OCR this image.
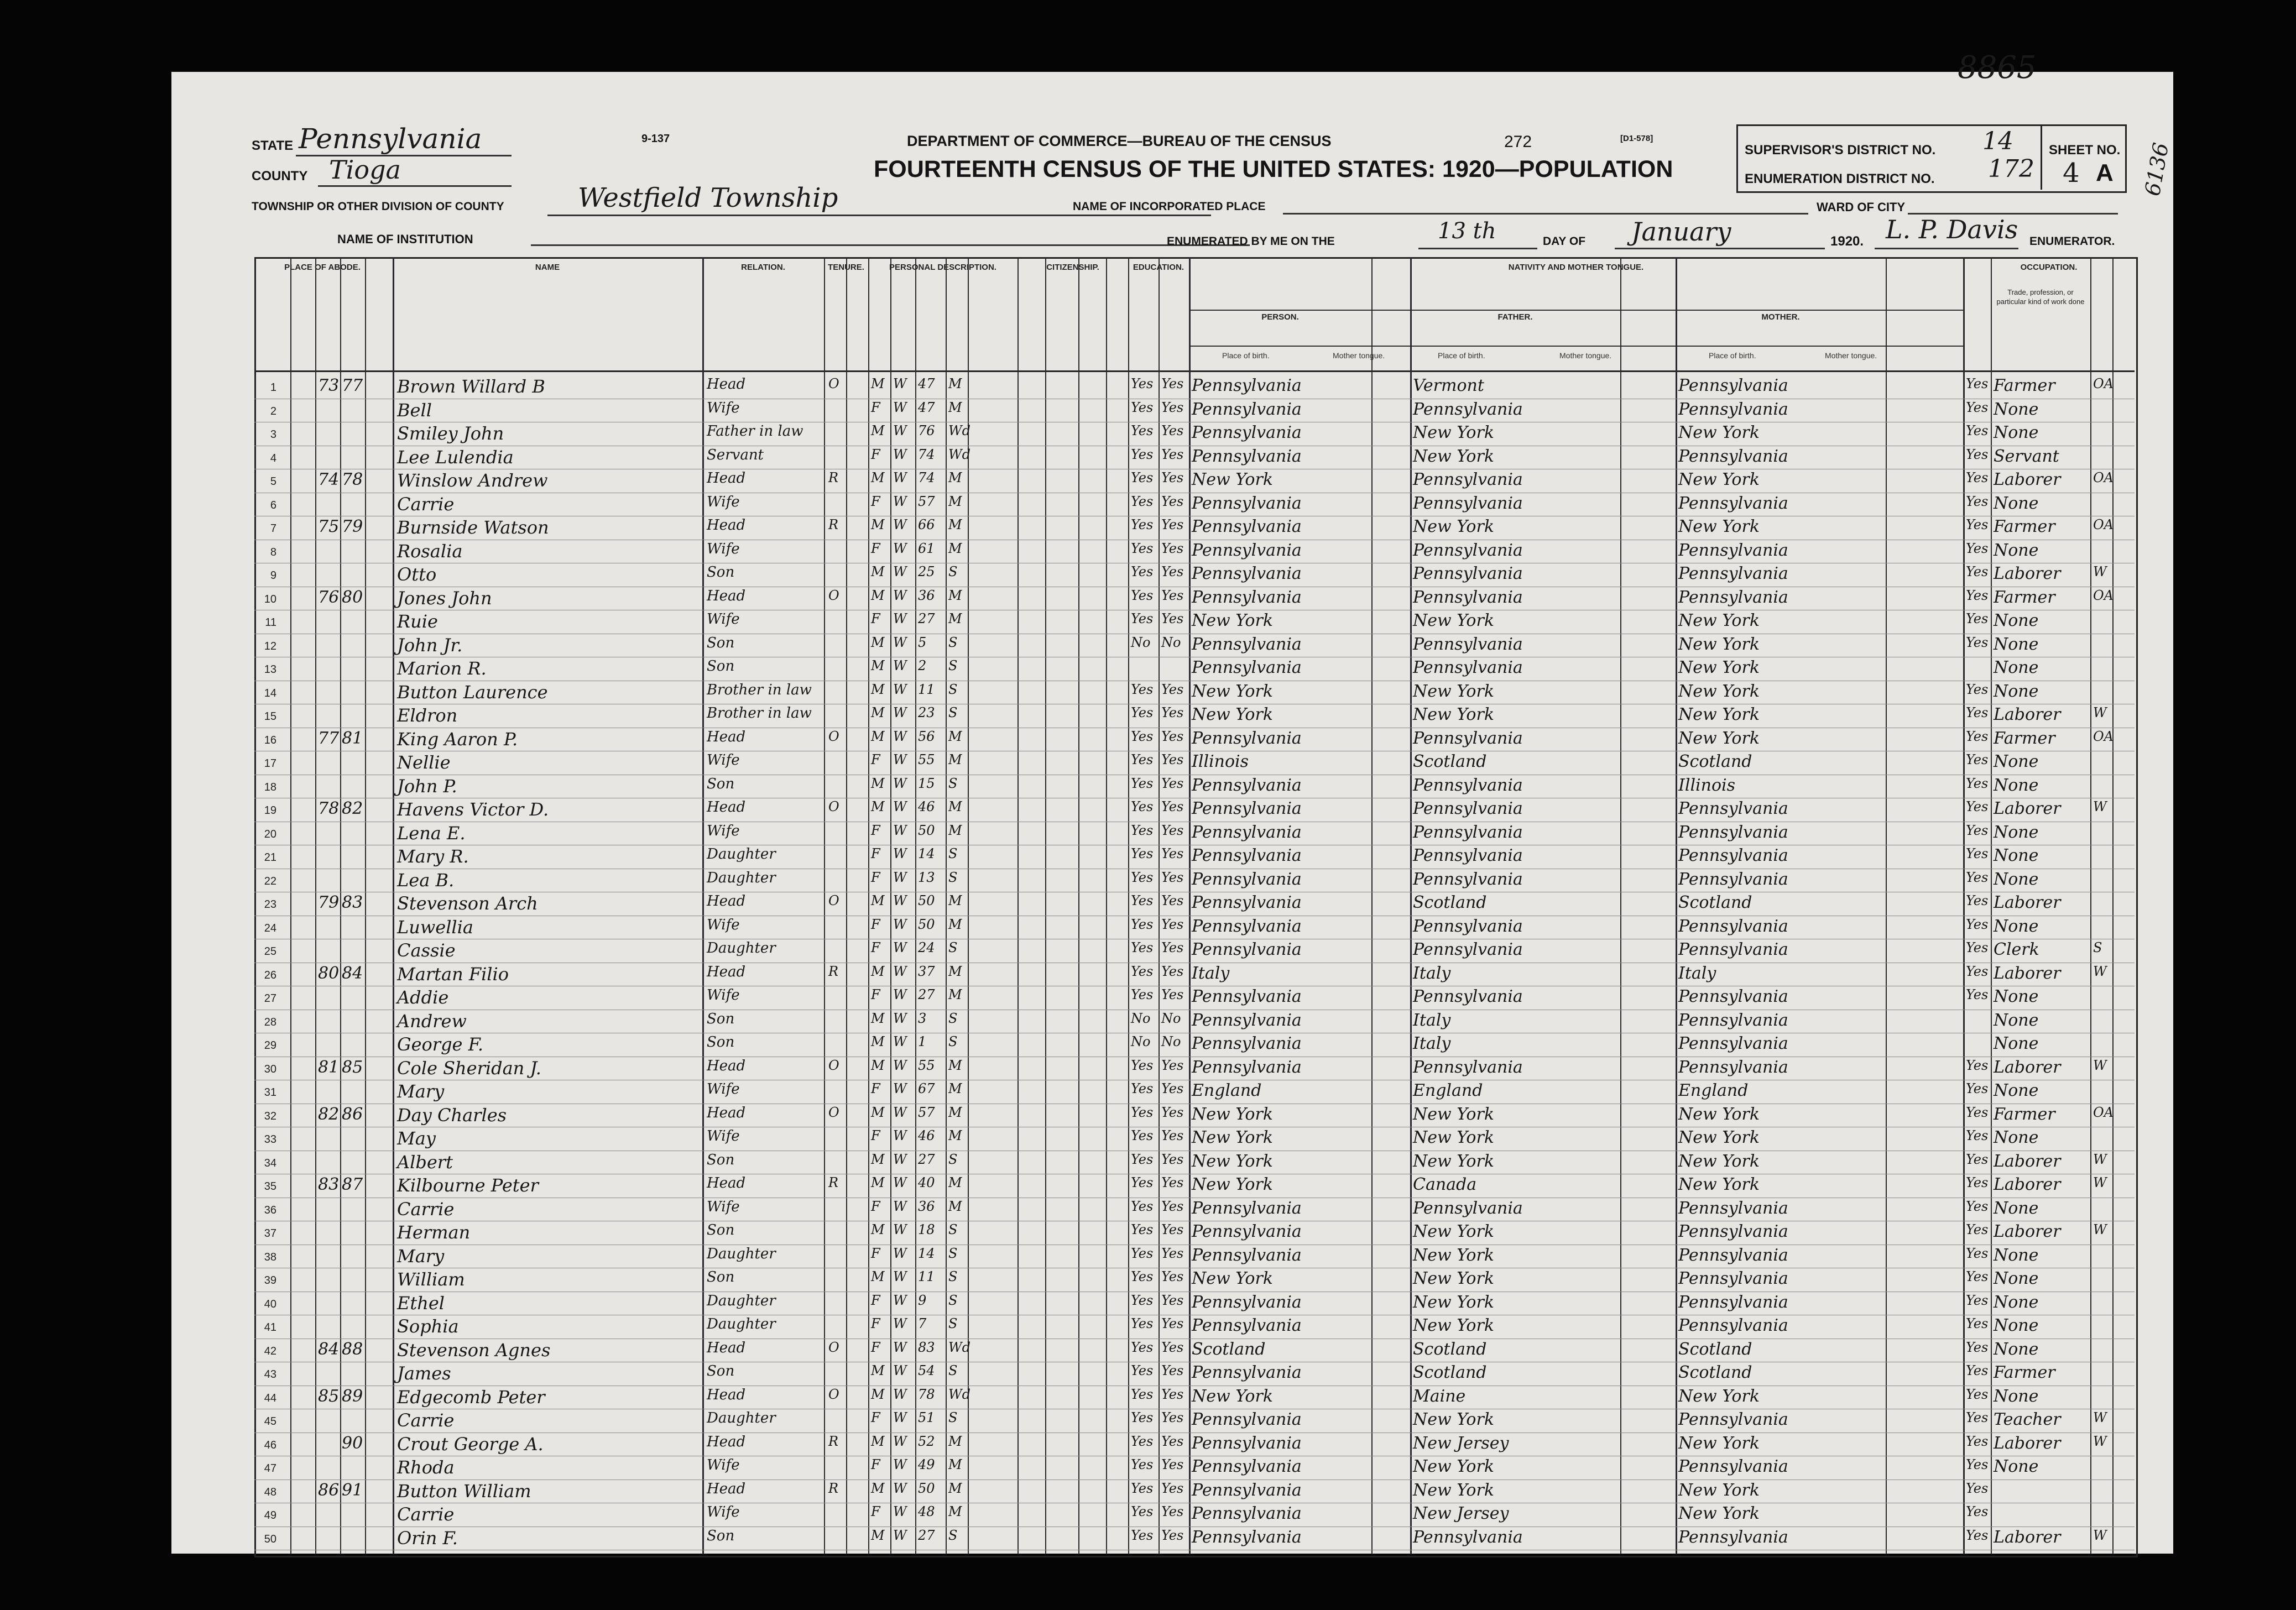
8865
6136
STATE Pennsylvania
COUNTY Tioga
9-137
TOWNSHIP OR OTHER DIVISION OF COUNTY	Westfield Township
NAME OF INSTITUTION
DEPARTMENT OF COMMERCE—BUREAU OF THE CENSUS	272	[D1-578]
FOURTEENTH CENSUS OF THE UNITED STATES: 1920—POPULATION
NAME OF INCORPORATED PLACE
ENUMERATED BY ME ON THE	13 th	DAY OF January	1920. L. P. Davis ENUMERATOR.
SUPERVISOR'S DISTRICT NO. 14
ENUMERATION DISTRICT NO. 172
SHEET NO.
4 A
WARD OF CITY
PLACE OF ABODE.	NAME	RELATION.	TENURE.	PERSONAL DESCRIPTION.	CITIZENSHIP.	EDUCATION.	NATIVITY AND MOTHER TONGUE.
PERSON.	FATHER.	MOTHER.
OCCUPATION.
Place of birth.	Mother tongue.	Place of birth.	Mother tongue.	Place of birth.	Mother tongue.
Trade, profession, or particular kind of work done
1	73 77 Brown Willard B	Head	O	M W 47	M	Yes Yes Pennsylvania	Vermont	Pennsylvania	Yes Farmer	OA
2	Bell	Wife	F W 47	M	Yes Yes Pennsylvania	Pennsylvania	Pennsylvania	Yes None
3	Smiley John	Father in law	M W 76	Wd	Yes Yes Pennsylvania	New York	New York	Yes None
4	Lee Lulendia	Servant	F W 74	Wd	Yes Yes Pennsylvania	New York	Pennsylvania	Yes Servant
5	74 78 Winslow Andrew	Head	R	M W 74	M	Yes Yes New York	Pennsylvania	New York	Yes Laborer	OA
6	Carrie	Wife	F W 57	M	Yes Yes Pennsylvania	Pennsylvania	Pennsylvania	Yes None
7	75 79 Burnside Watson	Head	R	M W 66	M	Yes Yes Pennsylvania	New York	New York	Yes Farmer	OA
8	Rosalia	Wife	F W 61	M	Yes Yes Pennsylvania	Pennsylvania	Pennsylvania	Yes None
9	Otto	Son	M W 25	S	Yes Yes Pennsylvania	Pennsylvania	Pennsylvania	Yes Laborer	W
10	76 80 Jones John	Head	O	M W 36	M	Yes Yes Pennsylvania	Pennsylvania	Pennsylvania	Yes Farmer	OA
11	Ruie	Wife	F W 27	M	Yes Yes New York	New York	New York	Yes None
12	John Jr.	Son	M W 5	S	No No Pennsylvania	Pennsylvania	New York	Yes None
13	Marion R.	Son	M W 2	S	Pennsylvania	Pennsylvania	New York	None
14	Button Laurence	Brother in law	M W 11	S	Yes Yes New York	New York	New York	Yes None
15	Eldron	Brother in law	M W 23	S	Yes Yes New York	New York	New York	Yes Laborer	W
16	77 81 King Aaron P.	Head	O	M W 56	M	Yes Yes Pennsylvania	Pennsylvania	New York	Yes Farmer	OA
17	Nellie	Wife	F W 55	M	Yes Yes Illinois	Scotland	Scotland	Yes None
18	John P.	Son	M W 15	S	Yes Yes Pennsylvania	Pennsylvania	Illinois	Yes None
19	78 82 Havens Victor D.	Head	O	M W 46	M	Yes Yes Pennsylvania	Pennsylvania	Pennsylvania	Yes Laborer	W
20	Lena E.	Wife	F W 50	M	Yes Yes Pennsylvania	Pennsylvania	Pennsylvania	Yes None
21	Mary R.	Daughter	F W 14	S	Yes Yes Pennsylvania	Pennsylvania	Pennsylvania	Yes None
22	Lea B.	Daughter	F W 13	S	Yes Yes Pennsylvania	Pennsylvania	Pennsylvania	Yes None
23	79 83 Stevenson Arch	Head	O	M W 50	M	Yes Yes Pennsylvania	Scotland	Scotland	Yes Laborer
24	Luwellia	Wife	F W 50	M	Yes Yes Pennsylvania	Pennsylvania	Pennsylvania	Yes None
25	Cassie	Daughter	F W 24	S	Yes Yes Pennsylvania	Pennsylvania	Pennsylvania	Yes Clerk	S
26	80 84 Martan Filio	Head	R	M W 37	M	Yes Yes Italy	Italy	Italy	Yes Laborer	W
27	Addie	Wife	F W 27	M	Yes Yes Pennsylvania	Pennsylvania	Pennsylvania	Yes None
28	Andrew	Son	M W 3	S	No No Pennsylvania	Italy	Pennsylvania	None
29	George F.	Son	M W 1	S	No No Pennsylvania	Italy	Pennsylvania	None
30	81 85 Cole Sheridan J.	Head	O	M W 55	M	Yes Yes Pennsylvania	Pennsylvania	Pennsylvania	Yes Laborer	W
31	Mary	Wife	F W 67	M	Yes Yes England	England	England	Yes None
32	82 86 Day Charles	Head	O	M W 57	M	Yes Yes New York	New York	New York	Yes Farmer	OA
33	May	Wife	F W 46	M	Yes Yes New York	New York	New York	Yes None
34	Albert	Son	M W 27	S	Yes Yes New York	New York	New York	Yes Laborer	W
35	83 87 Kilbourne Peter	Head	R	M W 40	M	Yes Yes New York	Canada	New York	Yes Laborer	W
36	Carrie	Wife	F W 36	M	Yes Yes Pennsylvania	Pennsylvania	Pennsylvania	Yes None
37	Herman	Son	M W 18	S	Yes Yes Pennsylvania	New York	Pennsylvania	Yes Laborer	W
38	Mary	Daughter	F W 14	S	Yes Yes Pennsylvania	New York	Pennsylvania	Yes None
39	William	Son	M W 11	S	Yes Yes New York	New York	Pennsylvania	Yes None
40	Ethel	Daughter	F W 9	S	Yes Yes Pennsylvania	New York	Pennsylvania	Yes None
41	Sophia	Daughter	F W 7	S	Yes Yes Pennsylvania	New York	Pennsylvania	Yes None
42	84 88 Stevenson Agnes	Head	O	F W 83	Wd	Yes Yes Scotland	Scotland	Scotland	Yes None
43	James	Son	M W 54	S	Yes Yes Pennsylvania	Scotland	Scotland	Yes Farmer
44	85 89 Edgecomb Peter	Head	O	M W 78	Wd	Yes Yes New York	Maine	New York	Yes None
45	Carrie	Daughter	F W 51	S	Yes Yes Pennsylvania	New York	Pennsylvania	Yes Teacher	W
46	90 Crout George A.	Head	R	M W 52	M	Yes Yes Pennsylvania	New Jersey	New York	Yes Laborer	W
47	Rhoda	Wife	F W 49	M	Yes Yes Pennsylvania	New York	Pennsylvania	Yes None
48	86 91 Button William	Head	R	M W 50	M	Yes Yes Pennsylvania	New York	New York	Yes
49	Carrie	Wife	F W 48	M	Yes Yes Pennsylvania	New Jersey	New York	Yes
50	Orin F.	Son	M W 27	S	Yes Yes Pennsylvania	Pennsylvania	Pennsylvania	Yes Laborer	W
